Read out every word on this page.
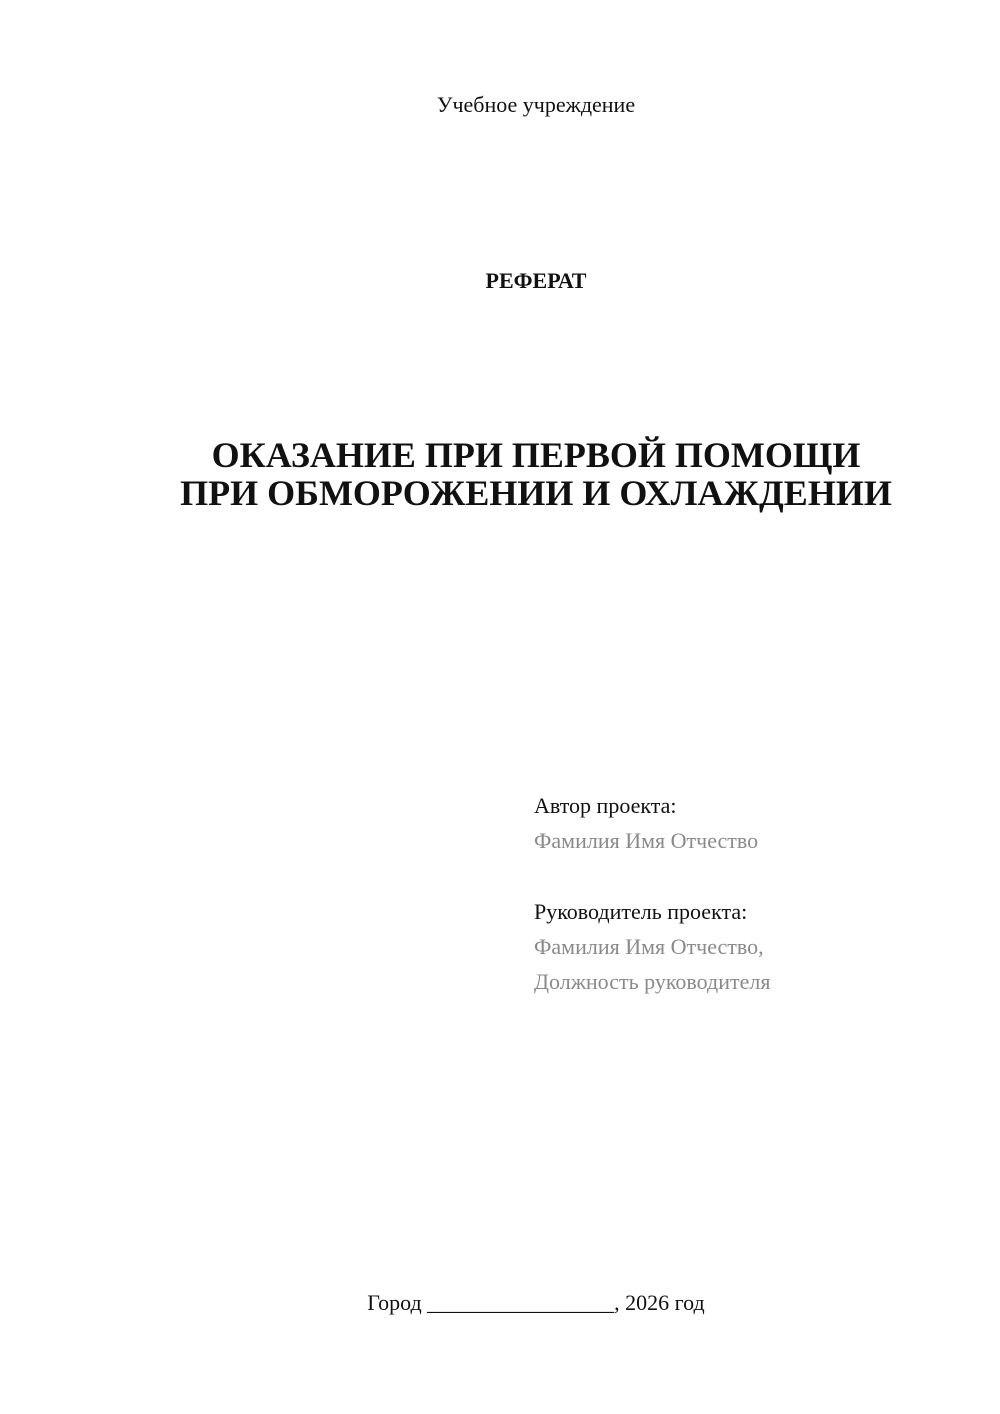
Учебное учреждение
РЕФЕРАТ
ОКАЗАНИЕ ПРИ ПЕРВОЙ ПОМОЩИ
ПРИ ОБМОРОЖЕНИИ И ОХЛАЖДЕНИИ
Автор проекта:
Фамилия Имя Отчество
Руководитель проекта:
Фамилия Имя Отчество,
Должность руководителя
Город _________________, 2026 год
